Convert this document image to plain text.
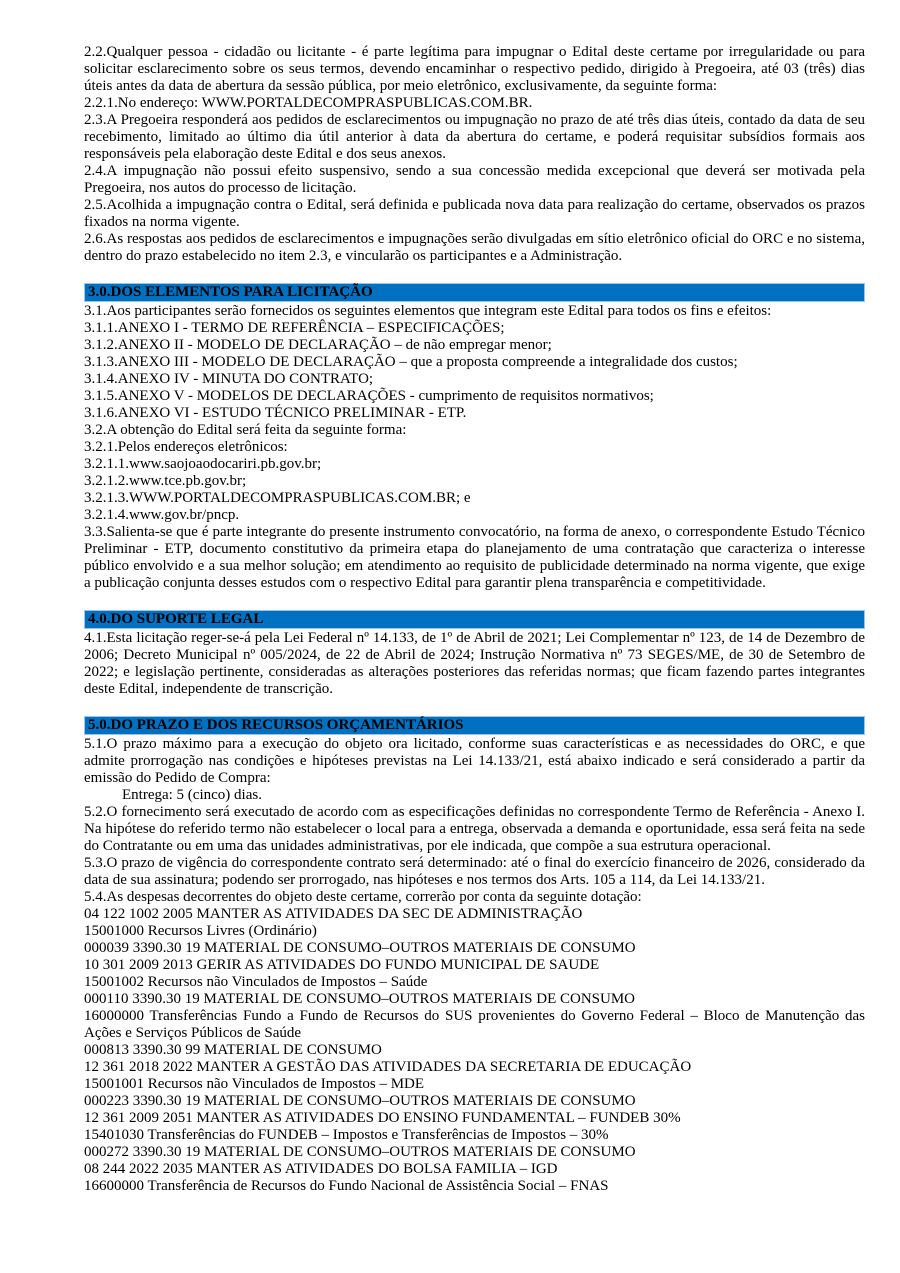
2.2.Qualquer pessoa - cidadão ou licitante - é parte legítima para impugnar o Edital deste certame por irregularidade ou para solicitar esclarecimento sobre os seus termos, devendo encaminhar o respectivo pedido, dirigido à Pregoeira, até 03 (três) dias úteis antes da data de abertura da sessão pública, por meio eletrônico, exclusivamente, da seguinte forma:
2.2.1.No endereço: WWW.PORTALDECOMPRASPUBLICAS.COM.BR.
2.3.A Pregoeira responderá aos pedidos de esclarecimentos ou impugnação no prazo de até três dias úteis, contado da data de seu recebimento, limitado ao último dia útil anterior à data da abertura do certame, e poderá requisitar subsídios formais aos responsáveis pela elaboração deste Edital e dos seus anexos.
2.4.A impugnação não possui efeito suspensivo, sendo a sua concessão medida excepcional que deverá ser motivada pela Pregoeira, nos autos do processo de licitação.
2.5.Acolhida a impugnação contra o Edital, será definida e publicada nova data para realização do certame, observados os prazos fixados na norma vigente.
2.6.As respostas aos pedidos de esclarecimentos e impugnações serão divulgadas em sítio eletrônico oficial do ORC e no sistema, dentro do prazo estabelecido no item 2.3, e vincularão os participantes e a Administração.
3.0.DOS ELEMENTOS PARA LICITAÇÃO
3.1.Aos participantes serão fornecidos os seguintes elementos que integram este Edital para todos os fins e efeitos:
3.1.1.ANEXO I - TERMO DE REFERÊNCIA – ESPECIFICAÇÕES;
3.1.2.ANEXO II - MODELO DE DECLARAÇÃO – de não empregar menor;
3.1.3.ANEXO III - MODELO DE DECLARAÇÃO – que a proposta compreende a integralidade dos custos;
3.1.4.ANEXO IV - MINUTA DO CONTRATO;
3.1.5.ANEXO V - MODELOS DE DECLARAÇÕES - cumprimento de requisitos normativos;
3.1.6.ANEXO VI - ESTUDO TÉCNICO PRELIMINAR - ETP.
3.2.A obtenção do Edital será feita da seguinte forma:
3.2.1.Pelos endereços eletrônicos:
3.2.1.1.www.saojoaodocariri.pb.gov.br;
3.2.1.2.www.tce.pb.gov.br;
3.2.1.3.WWW.PORTALDECOMPRASPUBLICAS.COM.BR; e
3.2.1.4.www.gov.br/pncp.
3.3.Salienta-se que é parte integrante do presente instrumento convocatório, na forma de anexo, o correspondente Estudo Técnico Preliminar - ETP, documento constitutivo da primeira etapa do planejamento de uma contratação que caracteriza o interesse público envolvido e a sua melhor solução; em atendimento ao requisito de publicidade determinado na norma vigente, que exige a publicação conjunta desses estudos com o respectivo Edital para garantir plena transparência e competitividade.
4.0.DO SUPORTE LEGAL
4.1.Esta licitação reger-se-á pela Lei Federal nº 14.133, de 1º de Abril de 2021; Lei Complementar nº 123, de 14 de Dezembro de 2006; Decreto Municipal nº 005/2024, de 22 de Abril de 2024; Instrução Normativa nº 73 SEGES/ME, de 30 de Setembro de 2022; e legislação pertinente, consideradas as alterações posteriores das referidas normas; que ficam fazendo partes integrantes deste Edital, independente de transcrição.
5.0.DO PRAZO E DOS RECURSOS ORÇAMENTÁRIOS
5.1.O prazo máximo para a execução do objeto ora licitado, conforme suas características e as necessidades do ORC, e que admite prorrogação nas condições e hipóteses previstas na Lei 14.133/21, está abaixo indicado e será considerado a partir da emissão do Pedido de Compra:
Entrega: 5 (cinco) dias.
5.2.O fornecimento será executado de acordo com as especificações definidas no correspondente Termo de Referência - Anexo I. Na hipótese do referido termo não estabelecer o local para a entrega, observada a demanda e oportunidade, essa será feita na sede do Contratante ou em uma das unidades administrativas, por ele indicada, que compõe a sua estrutura operacional.
5.3.O prazo de vigência do correspondente contrato será determinado: até o final do exercício financeiro de 2026, considerado da data de sua assinatura; podendo ser prorrogado, nas hipóteses e nos termos dos Arts. 105 a 114, da Lei 14.133/21.
5.4.As despesas decorrentes do objeto deste certame, correrão por conta da seguinte dotação:
04 122 1002 2005 MANTER AS ATIVIDADES DA SEC DE ADMINISTRAÇÃO
15001000 Recursos Livres (Ordinário)
000039 3390.30 19 MATERIAL DE CONSUMO–OUTROS MATERIAIS DE CONSUMO
10 301 2009 2013 GERIR AS ATIVIDADES DO FUNDO MUNICIPAL DE SAUDE
15001002 Recursos não Vinculados de Impostos – Saúde
000110 3390.30 19 MATERIAL DE CONSUMO–OUTROS MATERIAIS DE CONSUMO
16000000 Transferências Fundo a Fundo de Recursos do SUS provenientes do Governo Federal – Bloco de Manutenção das Ações e Serviços Públicos de Saúde
000813 3390.30 99 MATERIAL DE CONSUMO
12 361 2018 2022 MANTER A GESTÃO DAS ATIVIDADES DA SECRETARIA DE EDUCAÇÃO
15001001 Recursos não Vinculados de Impostos – MDE
000223 3390.30 19 MATERIAL DE CONSUMO–OUTROS MATERIAIS DE CONSUMO
12 361 2009 2051 MANTER AS ATIVIDADES DO ENSINO FUNDAMENTAL – FUNDEB 30%
15401030 Transferências do FUNDEB – Impostos e Transferências de Impostos – 30%
000272 3390.30 19 MATERIAL DE CONSUMO–OUTROS MATERIAIS DE CONSUMO
08 244 2022 2035 MANTER AS ATIVIDADES DO BOLSA FAMILIA – IGD
16600000 Transferência de Recursos do Fundo Nacional de Assistência Social – FNAS
